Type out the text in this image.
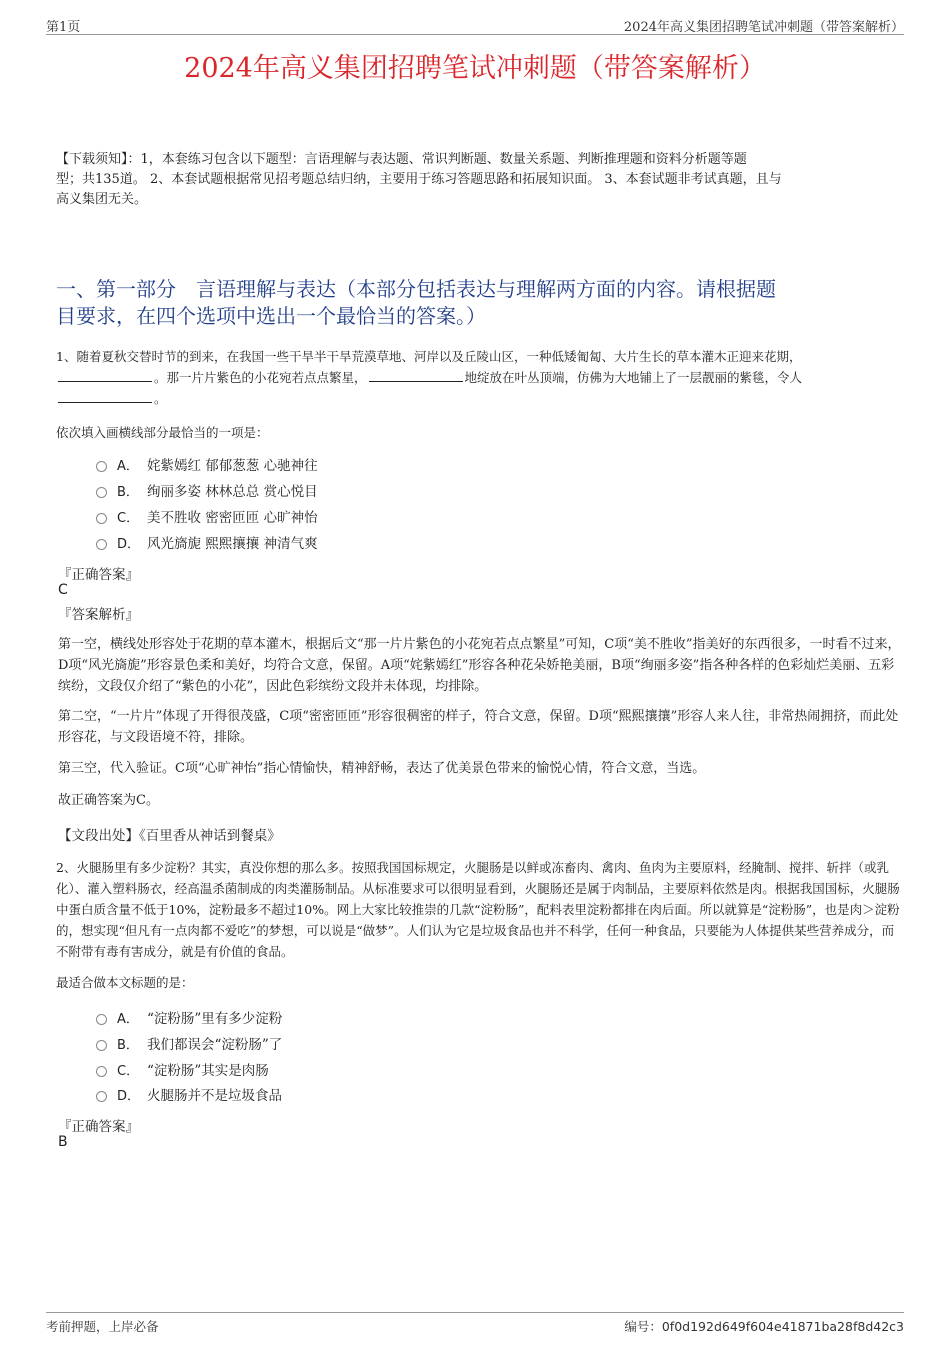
第1页	2024年高义集团招聘笔试冲刺题（带答案解析）
2024年高义集团招聘笔试冲刺题（带答案解析）
【下载须知】：1，本套练习包含以下题型：言语理解与表达题、常识判断题、数量关系题、判断推理题和资料分析题等题
型；共135道。 2、本套试题根据常见招考题总结归纳，主要用于练习答题思路和拓展知识面。 3、本套试题非考试真题，且与
高义集团无关。
一、第一部分　言语理解与表达（本部分包括表达与理解两方面的内容。请根据题
目要求，在四个选项中选出一个最恰当的答案。）
1、随着夏秋交替时节的到来，在我国一些干旱半干旱荒漠草地、河岸以及丘陵山区，一种低矮匍匐、大片生长的草本灌木正迎来花期，
。那一片片紫色的小花宛若点点繁星，	地绽放在叶丛顶端，仿佛为大地铺上了一层靓丽的紫毯，令人
。
依次填入画横线部分最恰当的一项是：
A． 姹紫嫣红 郁郁葱葱 心驰神往
B． 绚丽多姿 林林总总 赏心悦目
C． 美不胜收 密密匝匝 心旷神怡
D． 风光旖旎 熙熙攘攘 神清气爽
『正确答案』
C
『答案解析』
第一空，横线处形容处于花期的草本灌木，根据后文“那一片片紫色的小花宛若点点繁星”可知，C项“美不胜收”指美好的东西很多，一时看不过来，D项“风光旖旎”形容景色柔和美好，均符合文意，保留。A项“姹紫嫣红”形容各种花朵娇艳美丽，B项“绚丽多姿”指各种各样的色彩灿烂美丽、五彩缤纷，文段仅介绍了“紫色的小花”，因此色彩缤纷文段并未体现，均排除。
第二空，“一片片”体现了开得很茂盛，C项“密密匝匝”形容很稠密的样子，符合文意，保留。D项“熙熙攘攘”形容人来人往，非常热闹拥挤，而此处形容花，与文段语境不符，排除。
第三空，代入验证。C项“心旷神怡”指心情愉快，精神舒畅，表达了优美景色带来的愉悦心情，符合文意，当选。
故正确答案为C。
【文段出处】《百里香从神话到餐桌》
2、火腿肠里有多少淀粉？其实，真没你想的那么多。按照我国国标规定，火腿肠是以鲜或冻畜肉、禽肉、鱼肉为主要原料，经腌制、搅拌、斩拌（或乳化）、灌入塑料肠衣，经高温杀菌制成的肉类灌肠制品。从标准要求可以很明显看到，火腿肠还是属于肉制品，主要原料依然是肉。根据我国国标，火腿肠中蛋白质含量不低于10%，淀粉最多不超过10%。网上大家比较推崇的几款“淀粉肠”，配料表里淀粉都排在肉后面。所以就算是“淀粉肠”，也是肉＞淀粉的，想实现“但凡有一点肉都不爱吃”的梦想，可以说是“做梦”。人们认为它是垃圾食品也并不科学，任何一种食品，只要能为人体提供某些营养成分，而不附带有毒有害成分，就是有价值的食品。
最适合做本文标题的是：
A． “淀粉肠”里有多少淀粉
B． 我们都误会“淀粉肠”了
C． “淀粉肠”其实是肉肠
D． 火腿肠并不是垃圾食品
『正确答案』
B
考前押题，上岸必备	编号：0f0d192d649f604e41871ba28f8d42c3
